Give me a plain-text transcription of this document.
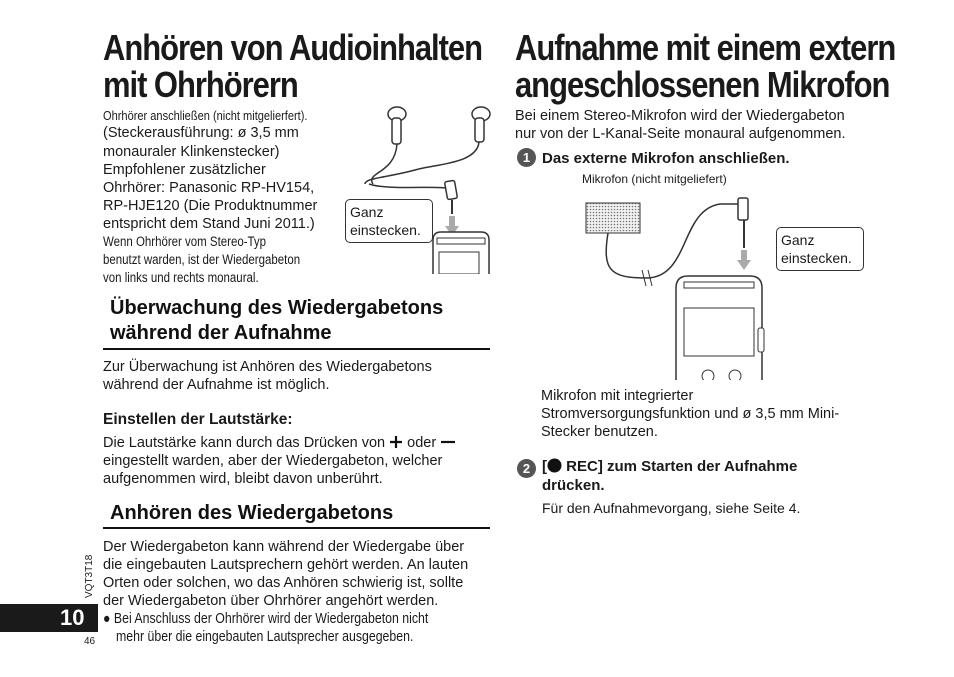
Anhören von Audioinhalten
mit Ohrhörern
Ohrhörer anschließen (nicht mitgelierfert).
(Steckerausführung: ø 3,5 mm
monauraler Klinkenstecker)
Empfohlener zusätzlicher
Ohrhörer: Panasonic RP-HV154,
RP-HJE120 (Die Produktnummer
entspricht dem Stand Juni 2011.)
Wenn Ohrhörer vom Stereo-Typ
benutzt warden, ist der Wiedergabeton
von links und rechts monaural.
Ganz
einstecken.
Überwachung des Wiedergabetons
während der Aufnahme
Zur Überwachung ist Anhören des Wiedergabetons
während der Aufnahme ist möglich.
Einstellen der Lautstärke:
Die Lautstärke kann durch das Drücken von oder
eingestellt warden, aber der Wiedergabeton, welcher
aufgenommen wird, bleibt davon unberührt.
Anhören des Wiedergabetons
Der Wiedergabeton kann während der Wiedergabe über
die eingebauten Lautsprechern gehört werden. An lauten
Orten oder solchen, wo das Anhören schwierig ist, sollte
der Wiedergabeton über Ohrhörer angehört werden.
● Bei Anschluss der Ohrhörer wird der Wiedergabeton nicht
mehr über die eingebauten Lautsprecher ausgegeben.
10
VQT3T18
46
Aufnahme mit einem extern
angeschlossenen Mikrofon
Bei einem Stereo-Mikrofon wird der Wiedergabeton
nur von der L-Kanal-Seite monaural aufgenommen.
1 Das externe Mikrofon anschließen.
Mikrofon (nicht mitgeliefert)
Ganz
einstecken.
Mikrofon mit integrierter
Stromversorgungsfunktion und ø 3,5 mm Mini-
Stecker benutzen.
2 [ REC] zum Starten der Aufnahme
drücken.
Für den Aufnahmevorgang, siehe Seite 4.
